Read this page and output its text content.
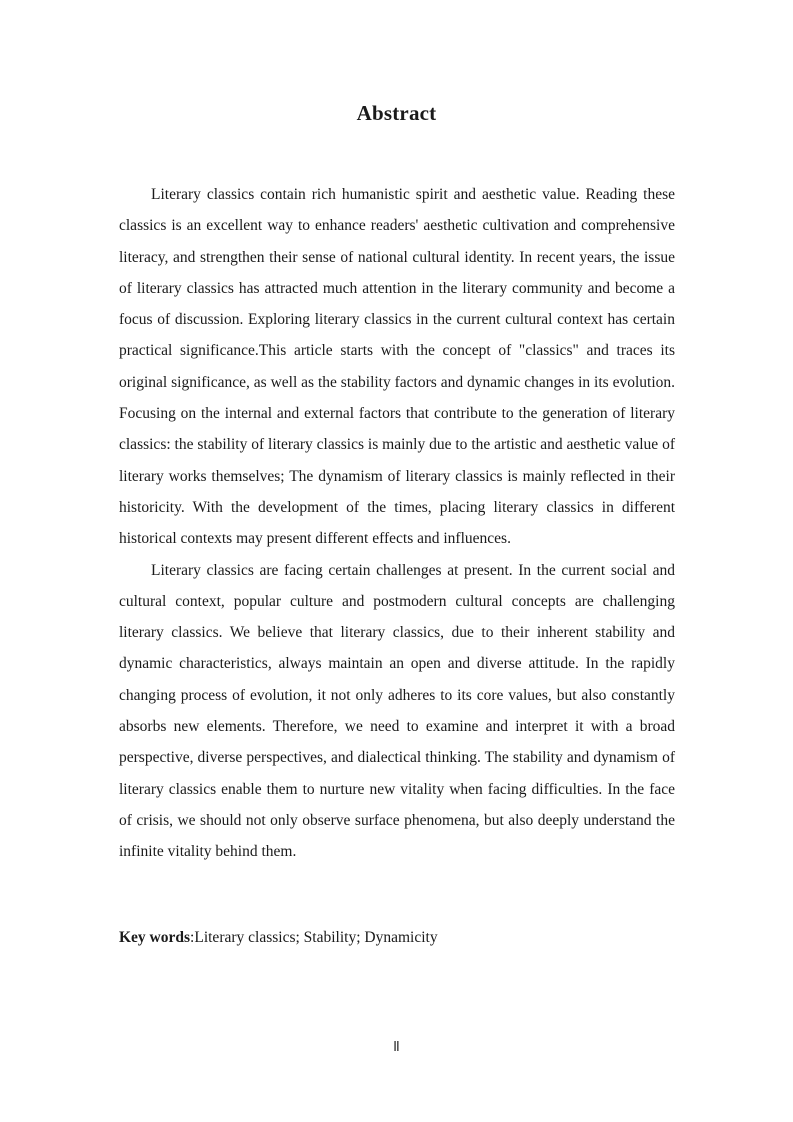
Abstract

Literary classics contain rich humanistic spirit and aesthetic value. Reading these classics is an excellent way to enhance readers' aesthetic cultivation and comprehensive literacy, and strengthen their sense of national cultural identity. In recent years, the issue of literary classics has attracted much attention in the literary community and become a focus of discussion. Exploring literary classics in the current cultural context has certain practical significance.This article starts with the concept of "classics" and traces its original significance, as well as the stability factors and dynamic changes in its evolution. Focusing on the internal and external factors that contribute to the generation of literary classics: the stability of literary classics is mainly due to the artistic and aesthetic value of literary works themselves; The dynamism of literary classics is mainly reflected in their historicity. With the development of the times, placing literary classics in different historical contexts may present different effects and influences.

Literary classics are facing certain challenges at present. In the current social and cultural context, popular culture and postmodern cultural concepts are challenging literary classics. We believe that literary classics, due to their inherent stability and dynamic characteristics, always maintain an open and diverse attitude. In the rapidly changing process of evolution, it not only adheres to its core values, but also constantly absorbs new elements. Therefore, we need to examine and interpret it with a broad perspective, diverse perspectives, and dialectical thinking. The stability and dynamism of literary classics enable them to nurture new vitality when facing difficulties. In the face of crisis, we should not only observe surface phenomena, but also deeply understand the infinite vitality behind them.

Key words:Literary classics; Stability; Dynamicity
Ⅱ
